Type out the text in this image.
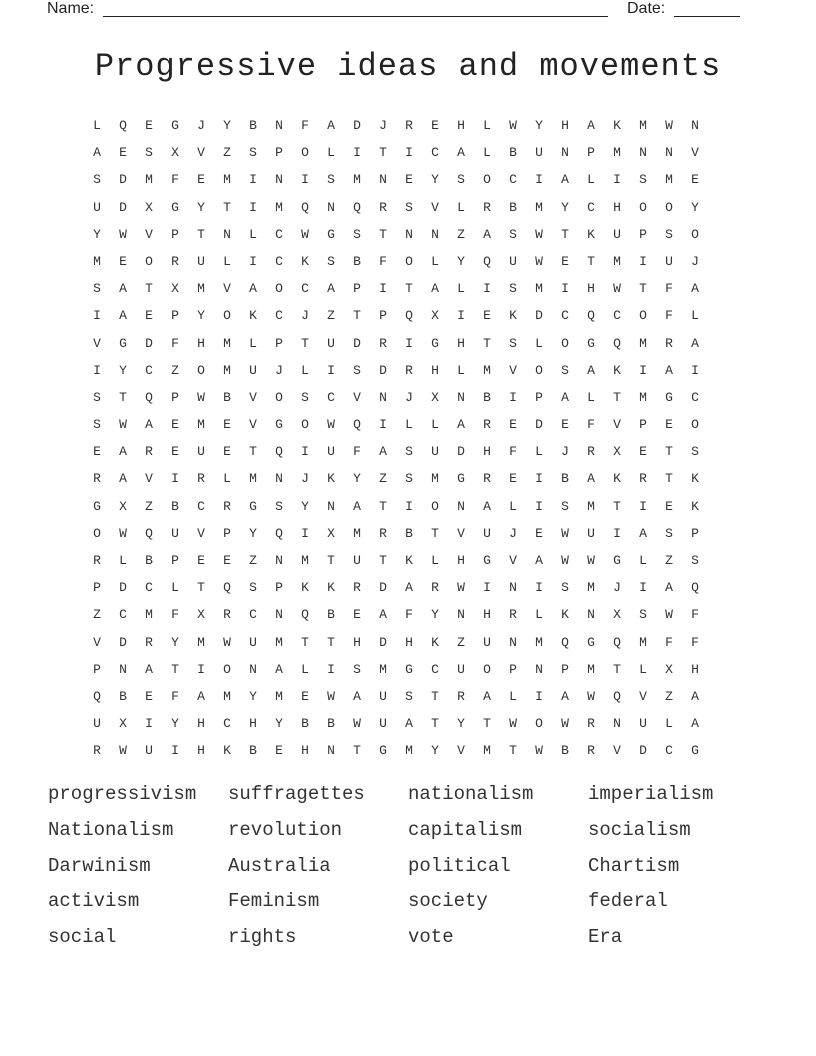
Name:	Date:
Progressive ideas and movements
L	Q	E	G	J	Y	B	N	F	A	D	J	R	E	H	L	W	Y	H	A	K	M	W	N
A	E	S	X	V	Z	S	P	O	L	I	T	I	C	A	L	B	U	N	P	M	N	N	V
S	D	M	F	E	M	I	N	I	S	M	N	E	Y	S	O	C	I	A	L	I	S	M	E
U	D	X	G	Y	T	I	M	Q	N	Q	R	S	V	L	R	B	M	Y	C	H	O	O	Y
Y	W	V	P	T	N	L	C	W	G	S	T	N	N	Z	A	S	W	T	K	U	P	S	O
M	E	O	R	U	L	I	C	K	S	B	F	O	L	Y	Q	U	W	E	T	M	I	U	J
S	A	T	X	M	V	A	O	C	A	P	I	T	A	L	I	S	M	I	H	W	T	F	A
I	A	E	P	Y	O	K	C	J	Z	T	P	Q	X	I	E	K	D	C	Q	C	O	F	L
V	G	D	F	H	M	L	P	T	U	D	R	I	G	H	T	S	L	O	G	Q	M	R	A
I	Y	C	Z	O	M	U	J	L	I	S	D	R	H	L	M	V	O	S	A	K	I	A	I
S	T	Q	P	W	B	V	O	S	C	V	N	J	X	N	B	I	P	A	L	T	M	G	C
S	W	A	E	M	E	V	G	O	W	Q	I	L	L	A	R	E	D	E	F	V	P	E	O
E	A	R	E	U	E	T	Q	I	U	F	A	S	U	D	H	F	L	J	R	X	E	T	S
R	A	V	I	R	L	M	N	J	K	Y	Z	S	M	G	R	E	I	B	A	K	R	T	K
G	X	Z	B	C	R	G	S	Y	N	A	T	I	O	N	A	L	I	S	M	T	I	E	K
O	W	Q	U	V	P	Y	Q	I	X	M	R	B	T	V	U	J	E	W	U	I	A	S	P
R	L	B	P	E	E	Z	N	M	T	U	T	K	L	H	G	V	A	W	W	G	L	Z	S
P	D	C	L	T	Q	S	P	K	K	R	D	A	R	W	I	N	I	S	M	J	I	A	Q
Z	C	M	F	X	R	C	N	Q	B	E	A	F	Y	N	H	R	L	K	N	X	S	W	F
V	D	R	Y	M	W	U	M	T	T	H	D	H	K	Z	U	N	M	Q	G	Q	M	F	F
P	N	A	T	I	O	N	A	L	I	S	M	G	C	U	O	P	N	P	M	T	L	X	H
Q	B	E	F	A	M	Y	M	E	W	A	U	S	T	R	A	L	I	A	W	Q	V	Z	A
U	X	I	Y	H	C	H	Y	B	B	W	U	A	T	Y	T	W	O	W	R	N	U	L	A
R	W	U	I	H	K	B	E	H	N	T	G	M	Y	V	M	T	W	B	R	V	D	C	G
progressivism	suffragettes	nationalism	imperialism
Nationalism	revolution	capitalism	socialism
Darwinism	Australia	political	Chartism
activism	Feminism	society	federal
social	rights	vote	Era
